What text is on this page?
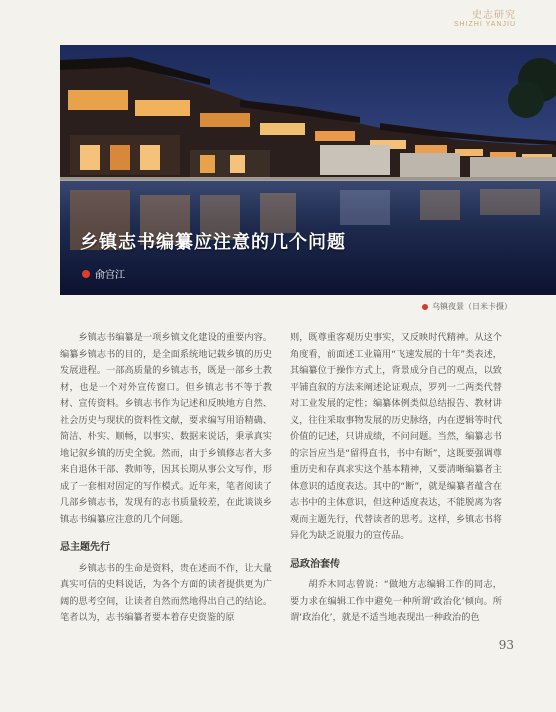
史志研究
SHIZHI YANJIU
乡镇志书编纂应注意的几个问题
俞宫江
乌镇夜景（日米卡摄）

乡镇志书编纂是一项乡镇文化建设的重要内容。编纂乡镇志书的目的，是全面系统地记载乡镇的历史发展进程。一部高质量的乡镇志书，既是一部乡土教材，也是一个对外宣传窗口。但乡镇志书不等于教材、宣传资料。乡镇志书作为记述和反映地方自然、社会历史与现状的资料性文献，要求编写用语精确、简洁、朴实、顺畅，以事实、数据来说话，秉承真实地记叙乡镇的历史全貌。然而，由于乡镇修志者大多来自退休干部、教师等，因其长期从事公文写作，形成了一套相对固定的写作模式。近年来，笔者阅读了几部乡镇志书，发现有的志书质量较差，在此谈谈乡镇志书编纂应注意的几个问题。

忌主题先行

乡镇志书的生命是资料，贵在述而不作，让大量真实可信的史料说话，为各个方面的读者提供更为广阔的思考空间，让读者自然而然地得出自己的结论。笔者以为，志书编纂者要本着存史资鉴的原

则，既尊重客观历史事实，又反映时代精神。从这个角度看，前面述工业篇用“飞速发展的十年”类表述，其编纂位于操作方式上，背景成分自己的观点，以致平铺直叙的方法来阐述论证观点，罗列一二两类代替对工业发展的定性；编纂体例类似总结报告、教材讲义，往往采取事物发展的历史脉络，内在逻辑等时代价值的记述，只讲成绩，不问问题。当然，编纂志书的宗旨应当是“留得直书，书中有断”，这既要强调尊重历史和存真求实这个基本精神，又要清晰编纂者主体意识的适度表达。其中的“断”，就是编纂者蕴含在志书中的主体意识，但这种适度表达，不能脱离为客观而主题先行，代替读者的思考。这样，乡镇志书将异化为缺乏说服力的宣传品。

忌政治套传

胡乔木同志曾说：“做地方志编辑工作的同志，要力求在编辑工作中避免一种所谓‘政治化’倾向。所谓‘政治化’，就是不适当地表现出一种政治的色

93
